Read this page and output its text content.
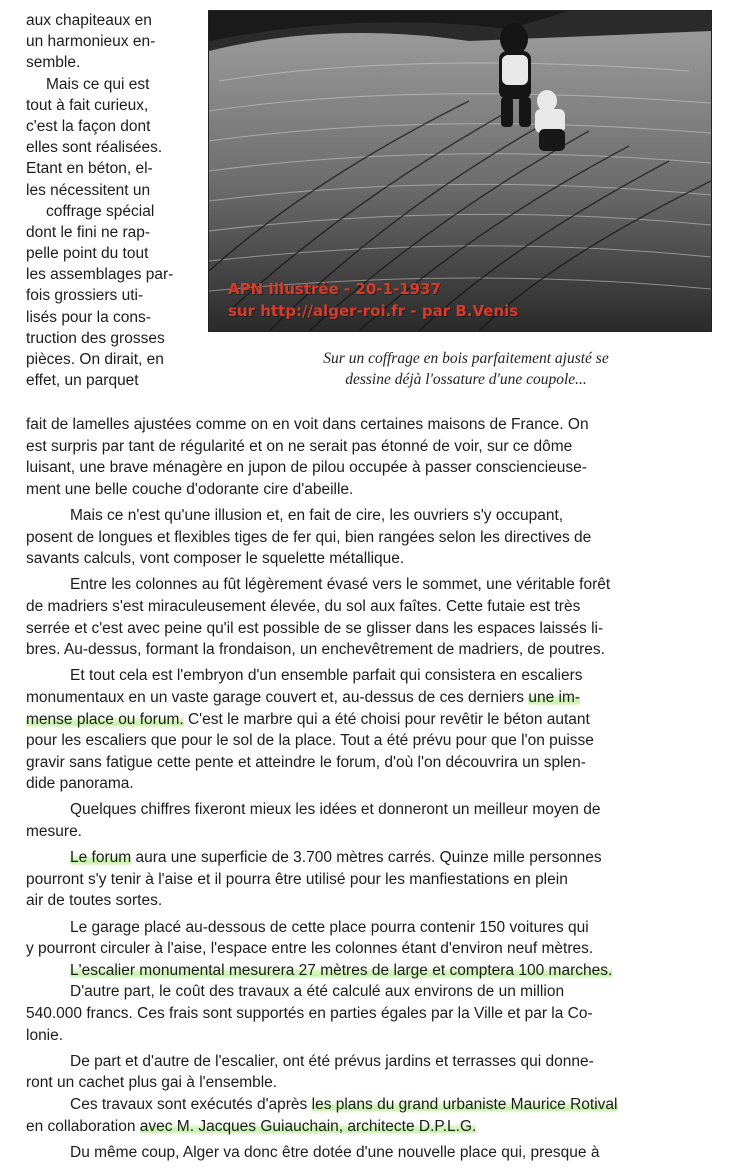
aux chapiteaux en
un harmonieux en-
semble.
Mais ce qui est
tout à fait curieux,
c'est la façon dont
elles sont réalisées.
Etant en béton, el-
les nécessitent un
coffrage spécial
dont le fini ne rap-
pelle point du tout
les assemblages par-
fois grossiers uti-
lisés pour la cons-
truction des grosses
pièces. On dirait, en
effet, un parquet
APN Illustrée - 20-1-1937
sur http://alger-roi.fr - par B.Venis
Sur un coffrage en bois parfaitement ajusté se
dessine déjà l'ossature d'une coupole...
fait de lamelles ajustées comme on en voit dans certaines maisons de France. On
est surpris par tant de régularité et on ne serait pas étonné de voir, sur ce dôme
luisant, une brave ménagère en jupon de pilou occupée à passer consciencieuse-
ment une belle couche d'odorante cire d'abeille.
Mais ce n'est qu'une illusion et, en fait de cire, les ouvriers s'y occupant,
posent de longues et flexibles tiges de fer qui, bien rangées selon les directives de
savants calculs, vont composer le squelette métallique.
Entre les colonnes au fût légèrement évasé vers le sommet, une véritable forêt
de madriers s'est miraculeusement élevée, du sol aux faîtes. Cette futaie est très
serrée et c'est avec peine qu'il est possible de se glisser dans les espaces laissés li-
bres. Au-dessus, formant la frondaison, un enchevêtrement de madriers, de poutres.
Et tout cela est l'embryon d'un ensemble parfait qui consistera en escaliers
monumentaux en un vaste garage couvert et, au-dessus de ces derniers une im-
mense place ou forum. C'est le marbre qui a été choisi pour revêtir le béton autant
pour les escaliers que pour le sol de la place. Tout a été prévu pour que l'on puisse
gravir sans fatigue cette pente et atteindre le forum, d'où l'on découvrira un splen-
dide panorama.
Quelques chiffres fixeront mieux les idées et donneront un meilleur moyen de
mesure.
Le forum aura une superficie de 3.700 mètres carrés. Quinze mille personnes
pourront s'y tenir à l'aise et il pourra être utilisé pour les manfiestations en plein
air de toutes sortes.
Le garage placé au-dessous de cette place pourra contenir 150 voitures qui
y pourront circuler à l'aise, l'espace entre les colonnes étant d'environ neuf mètres.
L'escalier monumental mesurera 27 mètres de large et comptera 100 marches.
D'autre part, le coût des travaux a été calculé aux environs de un million
540.000 francs. Ces frais sont supportés en parties égales par la Ville et par la Co-
lonie.
De part et d'autre de l'escalier, ont été prévus jardins et terrasses qui donne-
ront un cachet plus gai à l'ensemble.
Ces travaux sont exécutés d'après les plans du grand urbaniste Maurice Rotival
en collaboration avec M. Jacques Guiauchain, architecte D.P.L.G.
Du même coup, Alger va donc être dotée d'une nouvelle place qui, presque à
